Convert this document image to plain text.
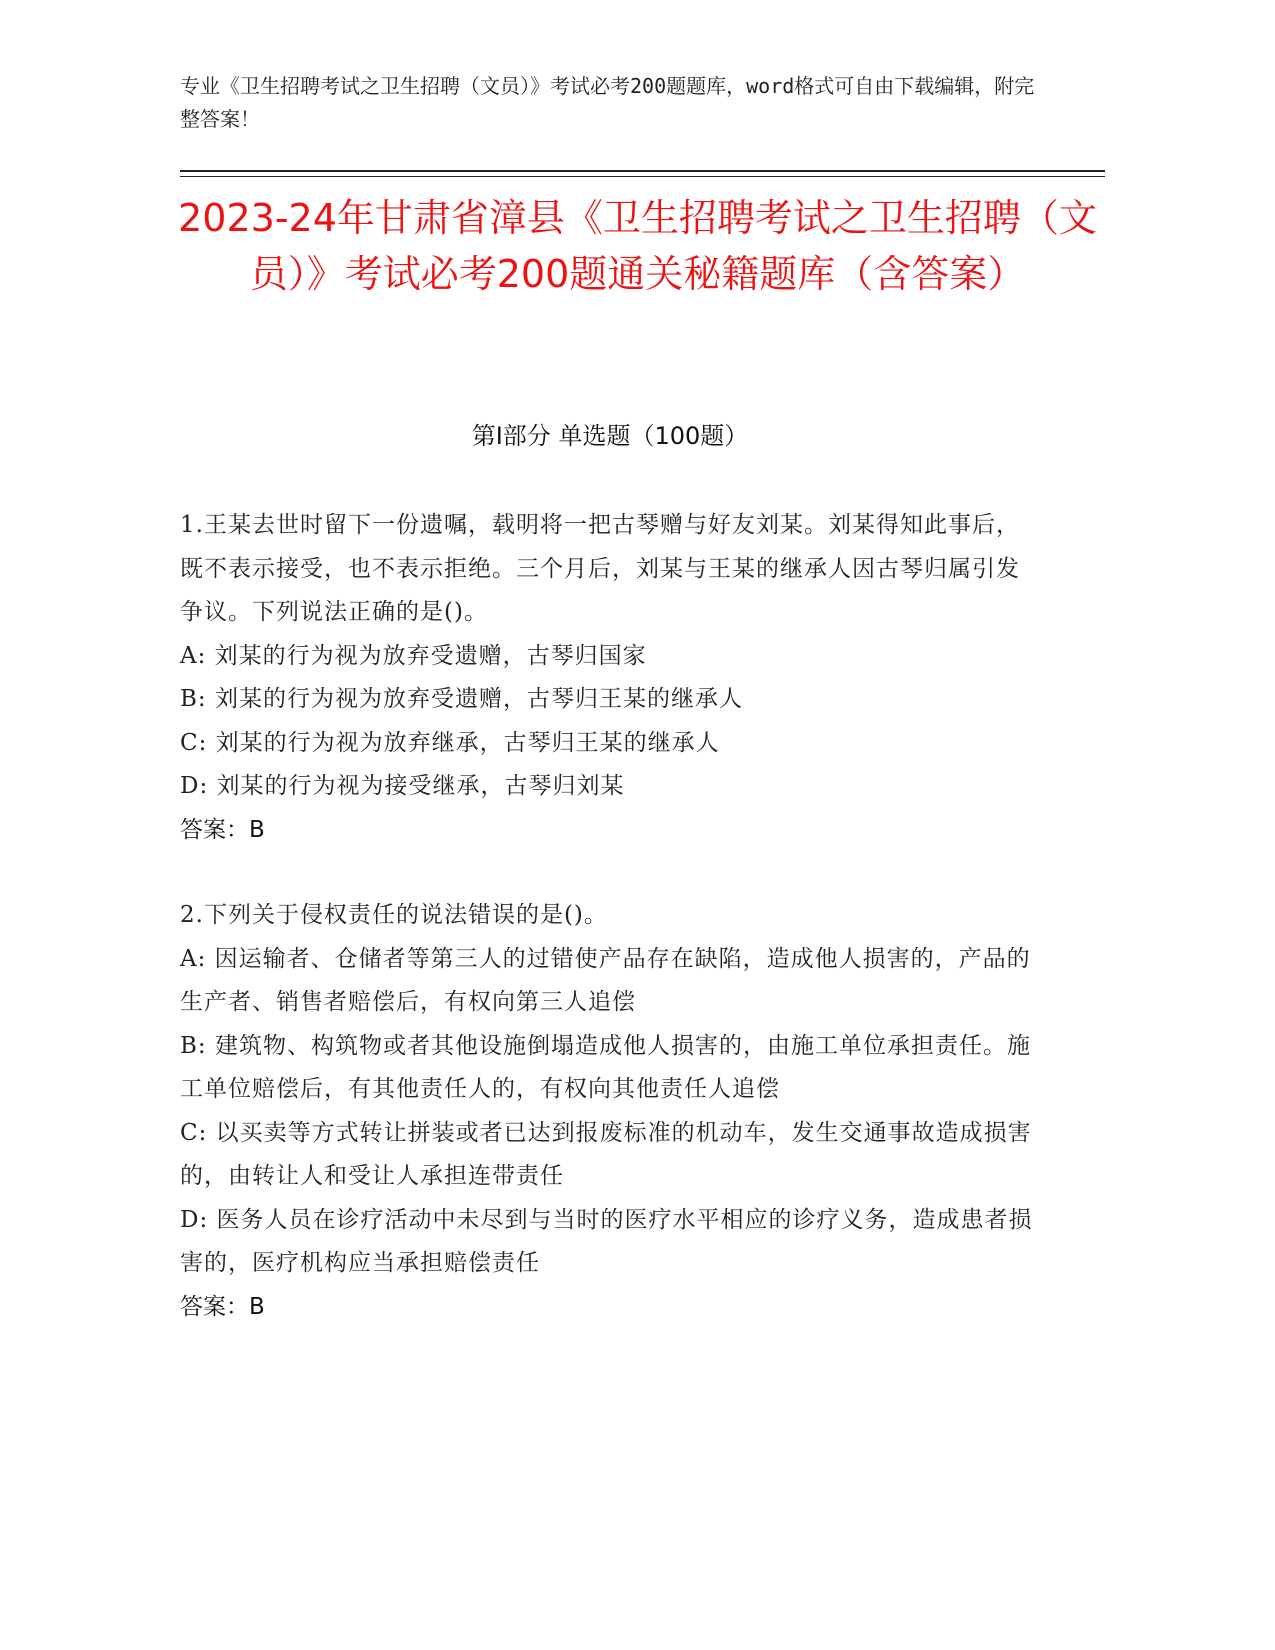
专业《卫生招聘考试之卫生招聘（文员）》考试必考200题题库，word格式可自由下载编辑，附完整答案！
2023-24年甘肃省漳县《卫生招聘考试之卫生招聘（文员）》考试必考200题通关秘籍题库（含答案）
第I部分 单选题（100题）

1.王某去世时留下一份遗嘱，载明将一把古琴赠与好友刘某。刘某得知此事后，既不表示接受，也不表示拒绝。三个月后，刘某与王某的继承人因古琴归属引发争议。下列说法正确的是()。

A: 刘某的行为视为放弃受遗赠，古琴归国家

B: 刘某的行为视为放弃受遗赠，古琴归王某的继承人

C: 刘某的行为视为放弃继承，古琴归王某的继承人

D: 刘某的行为视为接受继承，古琴归刘某

答案：B

2.下列关于侵权责任的说法错误的是()。

A: 因运输者、仓储者等第三人的过错使产品存在缺陷，造成他人损害的，产品的生产者、销售者赔偿后，有权向第三人追偿

B: 建筑物、构筑物或者其他设施倒塌造成他人损害的，由施工单位承担责任。施工单位赔偿后，有其他责任人的，有权向其他责任人追偿

C: 以买卖等方式转让拼装或者已达到报废标准的机动车，发生交通事故造成损害的，由转让人和受让人承担连带责任

D: 医务人员在诊疗活动中未尽到与当时的医疗水平相应的诊疗义务，造成患者损害的，医疗机构应当承担赔偿责任

答案：B
